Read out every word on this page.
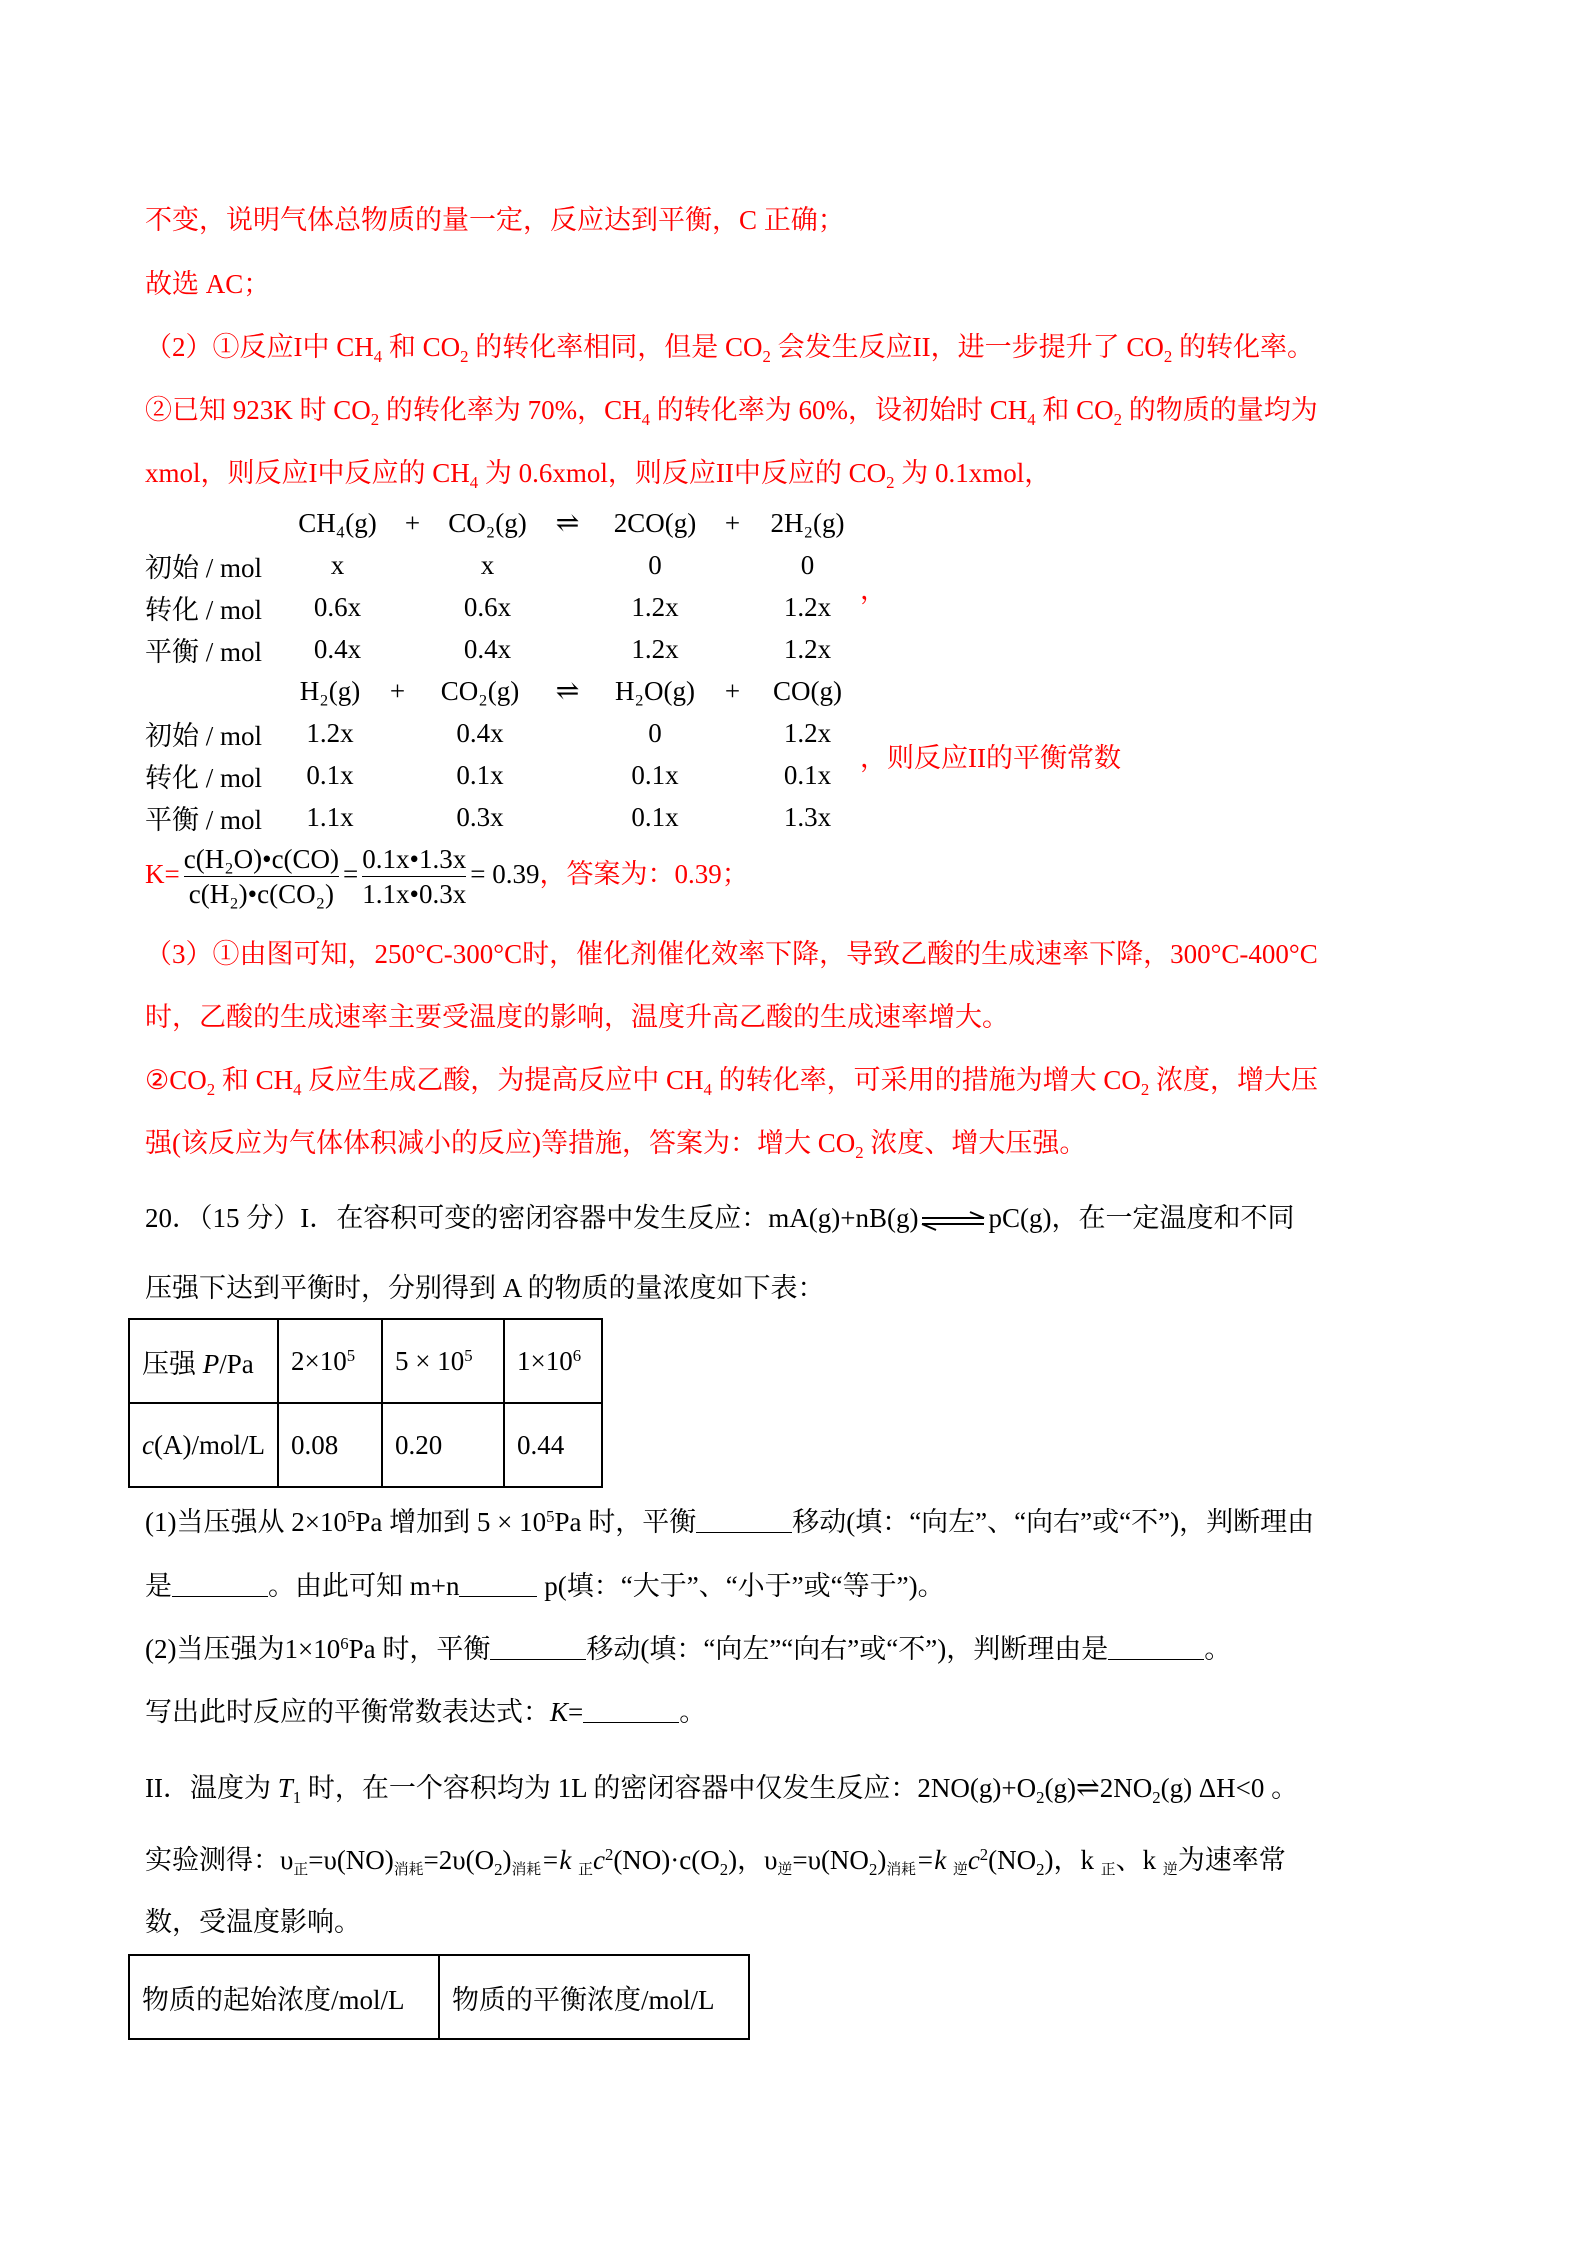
不变，说明气体总物质的量一定，反应达到平衡，C 正确；
故选 AC；
（2）①反应I中 $CH_4$ 和 $CO_2$ 的转化率相同，但是 $CO_2$ 会发生反应II，进一步提升了 $CO_2$ 的转化率。
②已知 923K 时 $CO_2$ 的转化率为 70%，$CH_4$ 的转化率为 60%，设初始时 $CH_4$ 和 $CO_2$ 的物质的量均为
xmol，则反应I中反应的 $CH_4$ 为 0.6xmol，则反应II中反应的 $CO_2$ 为 0.1xmol，
	CH₄(g)	+	CO₂(g)	⇌	2CO(g)	+	2H₂(g)
初始 / mol	x		x		0		0
转化 / mol	0.6x		0.6x		1.2x		1.2x
平衡 / mol	0.4x		0.4x		1.2x		1.2x
，
	H₂(g)	+	CO₂(g)	⇌	H₂O(g)	+	CO(g)
初始 / mol	1.2x		0.4x		0		1.2x
转化 / mol	0.1x		0.1x		0.1x		0.1x
平衡 / mol	1.1x		0.3x		0.1x		1.3x
，则反应II的平衡常数
$K= \frac{\text{c(H₂O)•c(CO)}}{\text{c(H₂)•c(CO₂)}} = \frac{0.1x•1.3x}{1.1x•0.3x} = 0.39$，答案为：0.39；
（3）①由图可知，250°C-300°C时，催化剂催化效率下降，导致乙酸的生成速率下降，300°C-400°C
时，乙酸的生成速率主要受温度的影响，温度升高乙酸的生成速率增大。
$②CO_2$ 和 $CH_4$ 反应生成乙酸，为提高反应中 $CH_4$ 的转化率，可采用的措施为增大 $CO_2$ 浓度，增大压
强(该反应为气体体积减小的反应)等措施，答案为：增大 $CO_2$ 浓度、增大压强。
20．（15 分）I．在容积可变的密闭容器中发生反应：mA(g)+nB(g) ⇌ pC(g)，在一定温度和不同
压强下达到平衡时，分别得到 A 的物质的量浓度如下表：
压强 P/Pa	$2\times 10^5$	$5 \times 10^5$	$1\times 10^6$
c(A)/mol/L	0.08	0.20	0.44
(1)当压强从 $2\times 10^5Pa$ 增加到 $5 \times 10^5Pa$ 时，平衡	移动(填：“向左”、“向右”或“不”)，判断理由
是	。由此可知 m+n	p(填：“大于”、“小于”或“等于”)。
(2)当压强为$1\times 10^6Pa$ 时，平衡	移动(填：“向左”“向右”或“不”)，判断理由是	。
写出此时反应的平衡常数表达式：K=	。
II．温度为 $T_1$ 时，在一个容积均为 1L 的密闭容器中仅发生反应：$2NO(g)+O_2(g)\rightleftharpoons 2NO_2(g)$ ΔH<0 。
实验测得：υ正=υ(NO)消耗$=2\upsilon(O_2)$消耗=k 正$c^2(NO)\cdot c(O_2)$，υ逆$=\upsilon(NO_2)$消耗=k 逆$c^2(NO_2)$，k 正、k 逆为速率常
数，受温度影响。
物质的起始浓度/mol/L	物质的平衡浓度/mol/L
